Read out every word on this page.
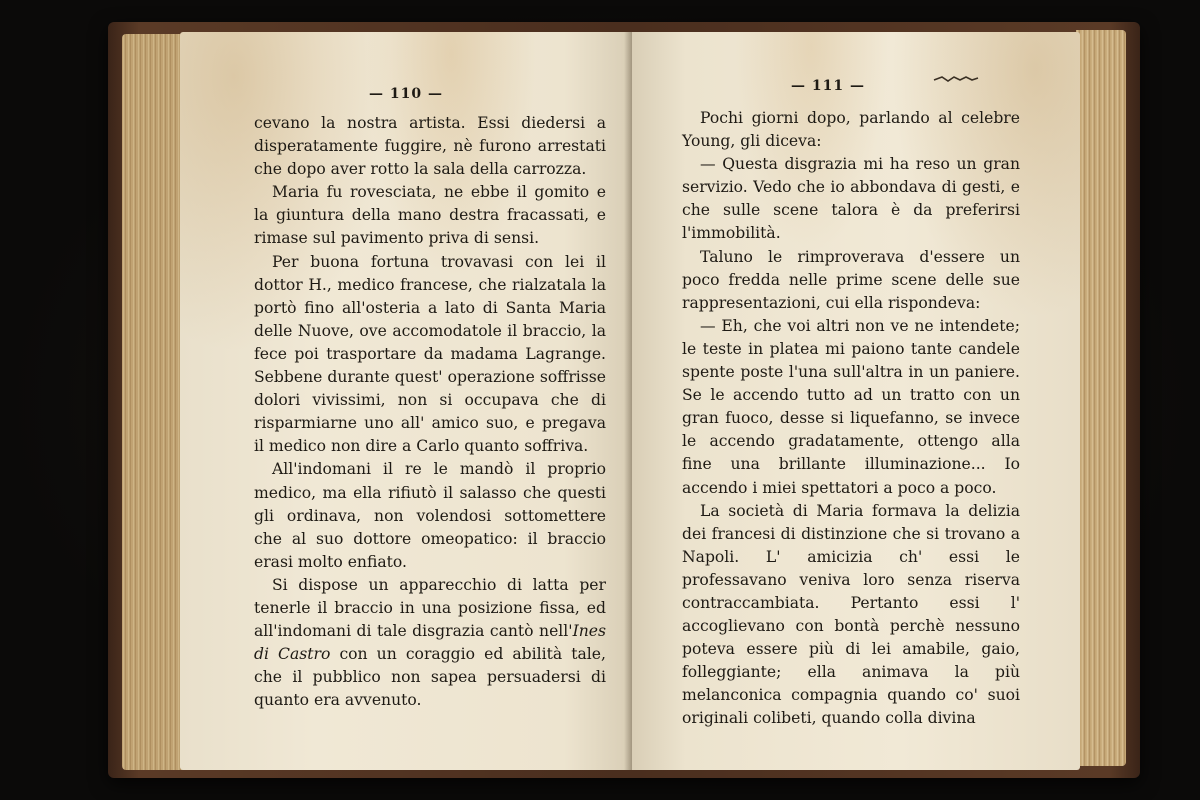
— 110 —

cevano la nostra artista. Essi diedersi a disperatamente fuggire, nè furono arrestati che dopo aver rotto la sala della carrozza.

Maria fu rovesciata, ne ebbe il gomito e la giuntura della mano destra fracassati, e rimase sul pavimento priva di sensi.

Per buona fortuna trovavasi con lei il dottor H., medico francese, che rialzatala la portò fino all'osteria a lato di Santa Maria delle Nuove, ove accomodatole il braccio, la fece poi trasportare da madama Lagrange. Sebbene durante quest' operazione soffrisse dolori vivissimi, non si occupava che di risparmiarne uno all' amico suo, e pregava il medico non dire a Carlo quanto soffriva.

All'indomani il re le mandò il proprio medico, ma ella rifiutò il salasso che questi gli ordinava, non volendosi sottomettere che al suo dottore omeopatico: il braccio erasi molto enfiato.

Si dispose un apparecchio di latta per tenerle il braccio in una posizione fissa, ed all'indomani di tale disgrazia cantò nell'Ines di Castro con un coraggio ed abilità tale, che il pubblico non sapea persuadersi di quanto era avvenuto.

— 111 —

Pochi giorni dopo, parlando al celebre Young, gli diceva:

— Questa disgrazia mi ha reso un gran servizio. Vedo che io abbondava di gesti, e che sulle scene talora è da preferirsi l'immobilità.

Taluno le rimproverava d'essere un poco fredda nelle prime scene delle sue rappresentazioni, cui ella rispondeva:

— Eh, che voi altri non ve ne intendete; le teste in platea mi paiono tante candele spente poste l'una sull'altra in un paniere. Se le accendo tutto ad un tratto con un gran fuoco, desse si liquefanno, se invece le accendo gradatamente, ottengo alla fine una brillante illuminazione... Io accendo i miei spettatori a poco a poco.

La società di Maria formava la delizia dei francesi di distinzione che si trovano a Napoli. L' amicizia ch' essi le professavano veniva loro senza riserva contraccambiata. Pertanto essi l' accoglievano con bontà perchè nessuno poteva essere più di lei amabile, gaio, folleggiante; ella animava la più melanconica compagnia quando co' suoi originali colibeti, quando colla divina
